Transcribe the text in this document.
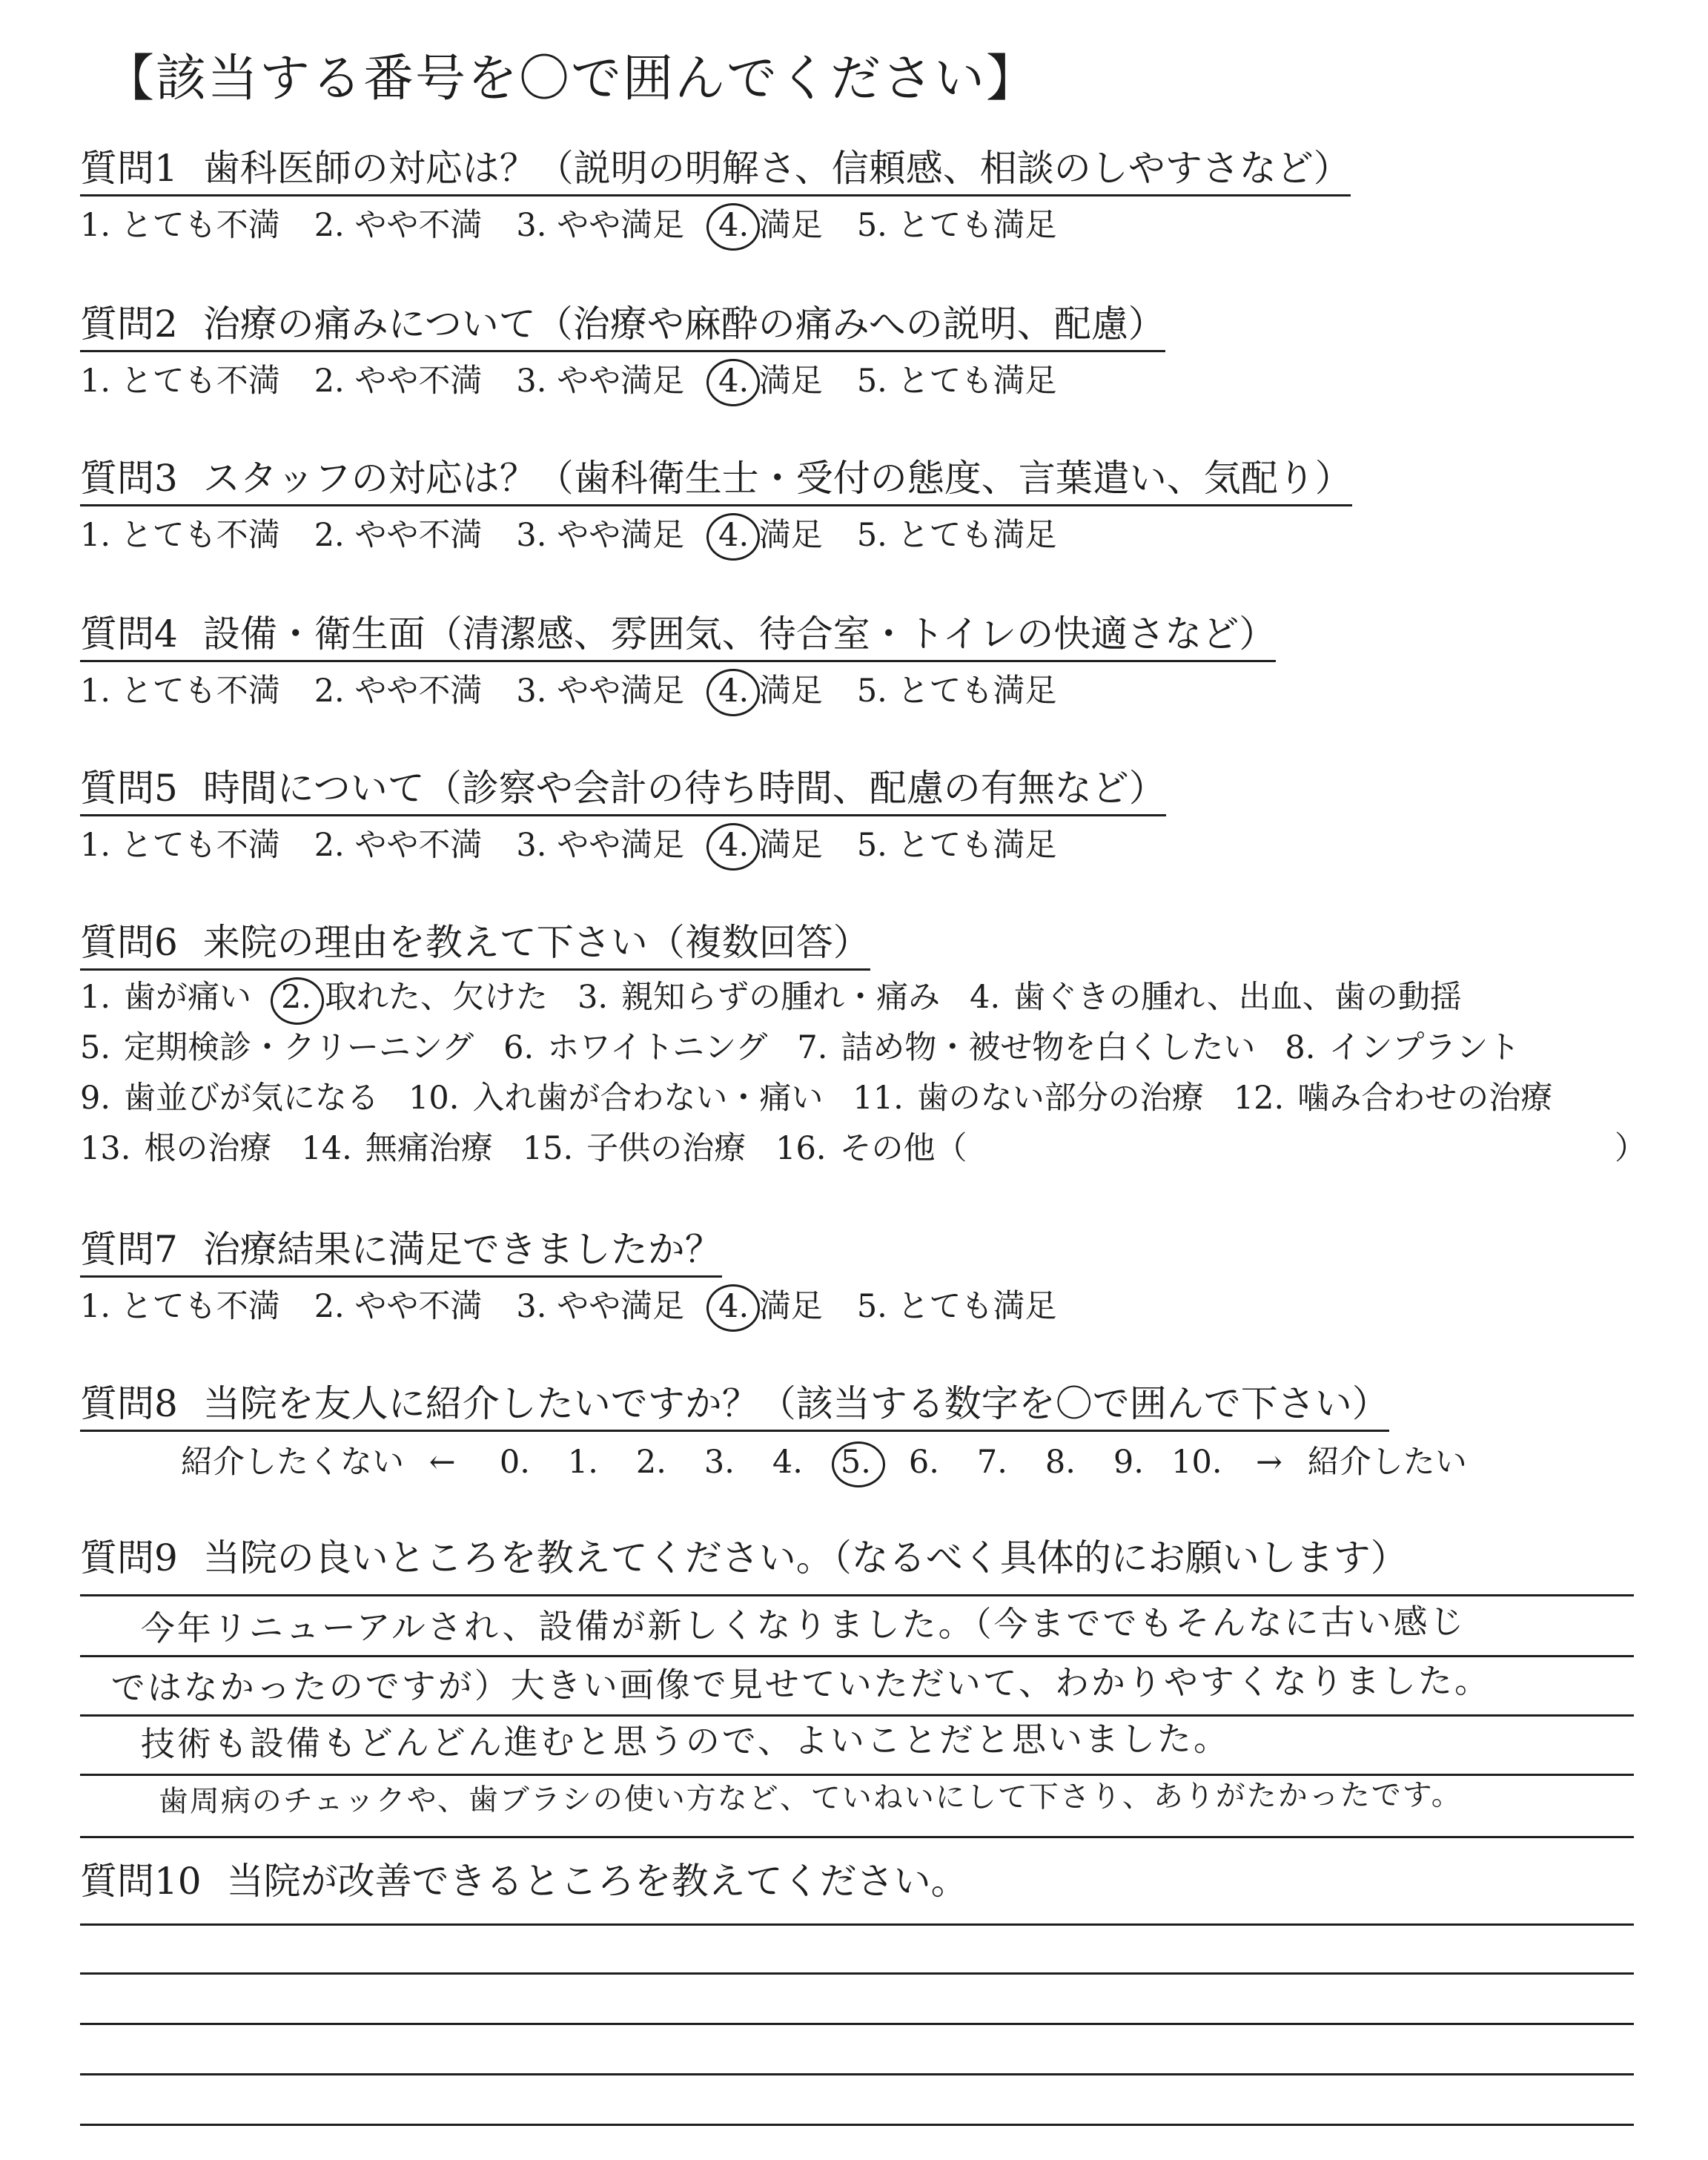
【該当する番号を〇で囲んでください】
質問1 歯科医師の対応は？（説明の明解さ、信頼感、相談のしやすさなど）
1. とても不満 2. やや不満 3. やや満足 4. 満足 5. とても満足
質問2 治療の痛みについて（治療や麻酔の痛みへの説明、配慮）
1. とても不満 2. やや不満 3. やや満足 4. 満足 5. とても満足
質問3 スタッフの対応は？（歯科衛生士・受付の態度、言葉遣い、気配り）
1. とても不満 2. やや不満 3. やや満足 4. 満足 5. とても満足
質問4 設備・衛生面（清潔感、雰囲気、待合室・トイレの快適さなど）
1. とても不満 2. やや不満 3. やや満足 4. 満足 5. とても満足
質問5 時間について（診察や会計の待ち時間、配慮の有無など）
1. とても不満 2. やや不満 3. やや満足 4. 満足 5. とても満足
質問6 来院の理由を教えて下さい（複数回答）
1. 歯が痛い 2. 取れた、欠けた 3. 親知らずの腫れ・痛み 4. 歯ぐきの腫れ、出血、歯の動揺
5. 定期検診・クリーニング 6. ホワイトニング 7. 詰め物・被せ物を白くしたい 8. インプラント
9. 歯並びが気になる 10. 入れ歯が合わない・痛い 11. 歯のない部分の治療 12. 噛み合わせの治療
13. 根の治療 14. 無痛治療 15. 子供の治療 16. その他（	）
質問7 治療結果に満足できましたか？
1. とても不満 2. やや不満 3. やや満足 4. 満足 5. とても満足
質問8 当院を友人に紹介したいですか？（該当する数字を〇で囲んで下さい）
紹介したくない ← 0. 1. 2. 3. 4. 5. 6. 7. 8. 9. 10. → 紹介したい
質問9 当院の良いところを教えてください。（なるべく具体的にお願いします）
今年リニューアルされ、設備が新しくなりました。（今まででもそんなに古い感じ
ではなかったのですが）大きい画像で見せていただいて、わかりやすくなりました。
技術も設備もどんどん進むと思うので、よいことだと思いました。
歯周病のチェックや、歯ブラシの使い方など、ていねいにして下さり、ありがたかったです。
質問10 当院が改善できるところを教えてください。
